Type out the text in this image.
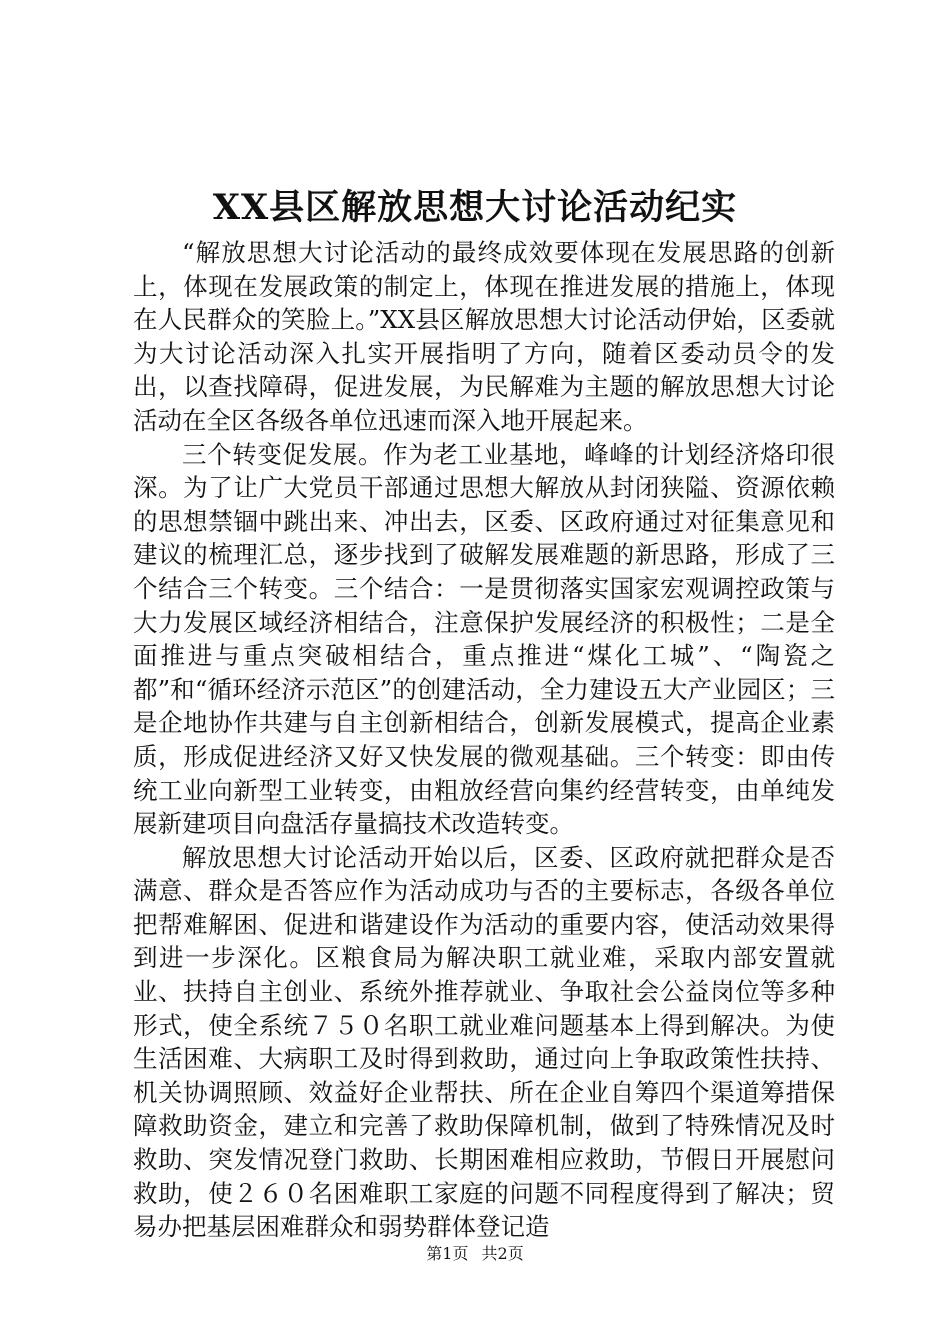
XX县区解放思想大讨论活动纪实

“解放思想大讨论活动的最终成效要体现在发展思路的创新上，体现在发展政策的制定上，体现在推进发展的措施上，体现在人民群众的笑脸上。”XX县区解放思想大讨论活动伊始，区委就为大讨论活动深入扎实开展指明了方向，随着区委动员令的发出，以查找障碍，促进发展，为民解难为主题的解放思想大讨论活动在全区各级各单位迅速而深入地开展起来。

三个转变促发展。作为老工业基地，峰峰的计划经济烙印很深。为了让广大党员干部通过思想大解放从封闭狭隘、资源依赖的思想禁锢中跳出来、冲出去，区委、区政府通过对征集意见和建议的梳理汇总，逐步找到了破解发展难题的新思路，形成了三个结合三个转变。三个结合：一是贯彻落实国家宏观调控政策与大力发展区域经济相结合，注意保护发展经济的积极性；二是全面推进与重点突破相结合，重点推进“煤化工城”、“陶瓷之都”和“循环经济示范区”的创建活动，全力建设五大产业园区；三是企地协作共建与自主创新相结合，创新发展模式，提高企业素质，形成促进经济又好又快发展的微观基础。三个转变：即由传统工业向新型工业转变，由粗放经营向集约经营转变，由单纯发展新建项目向盘活存量搞技术改造转变。

解放思想大讨论活动开始以后，区委、区政府就把群众是否满意、群众是否答应作为活动成功与否的主要标志，各级各单位把帮难解困、促进和谐建设作为活动的重要内容，使活动效果得到进一步深化。区粮食局为解决职工就业难，采取内部安置就业、扶持自主创业、系统外推荐就业、争取社会公益岗位等多种形式，使全系统７５０名职工就业难问题基本上得到解决。为使生活困难、大病职工及时得到救助，通过向上争取政策性扶持、机关协调照顾、效益好企业帮扶、所在企业自筹四个渠道筹措保障救助资金，建立和完善了救助保障机制，做到了特殊情况及时救助、突发情况登门救助、长期困难相应救助，节假日开展慰问救助，使２６０名困难职工家庭的问题不同程度得到了解决；贸易办把基层困难群众和弱势群体登记造

第1页 共2页
